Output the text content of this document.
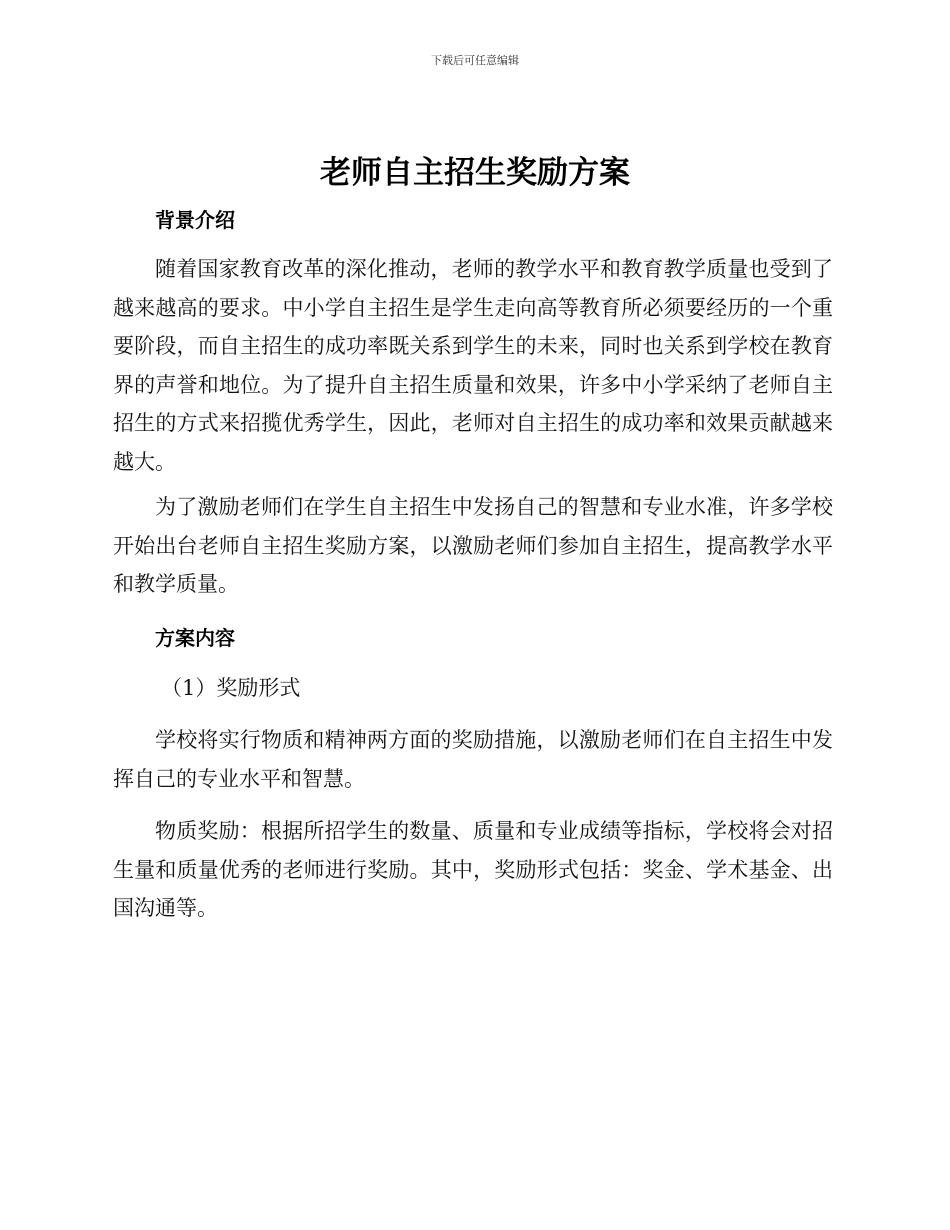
下载后可任意编辑
老师自主招生奖励方案
背景介绍

随着国家教育改革的深化推动，老师的教学水平和教育教学质量也受到了越来越高的要求。中小学自主招生是学生走向高等教育所必须要经历的一个重要阶段，而自主招生的成功率既关系到学生的未来，同时也关系到学校在教育界的声誉和地位。为了提升自主招生质量和效果，许多中小学采纳了老师自主招生的方式来招揽优秀学生，因此，老师对自主招生的成功率和效果贡献越来越大。

为了激励老师们在学生自主招生中发扬自己的智慧和专业水准，许多学校开始出台老师自主招生奖励方案，以激励老师们参加自主招生，提高教学水平和教学质量。

方案内容

（1）奖励形式

学校将实行物质和精神两方面的奖励措施，以激励老师们在自主招生中发挥自己的专业水平和智慧。

物质奖励：根据所招学生的数量、质量和专业成绩等指标，学校将会对招生量和质量优秀的老师进行奖励。其中，奖励形式包括：奖金、学术基金、出国沟通等。
